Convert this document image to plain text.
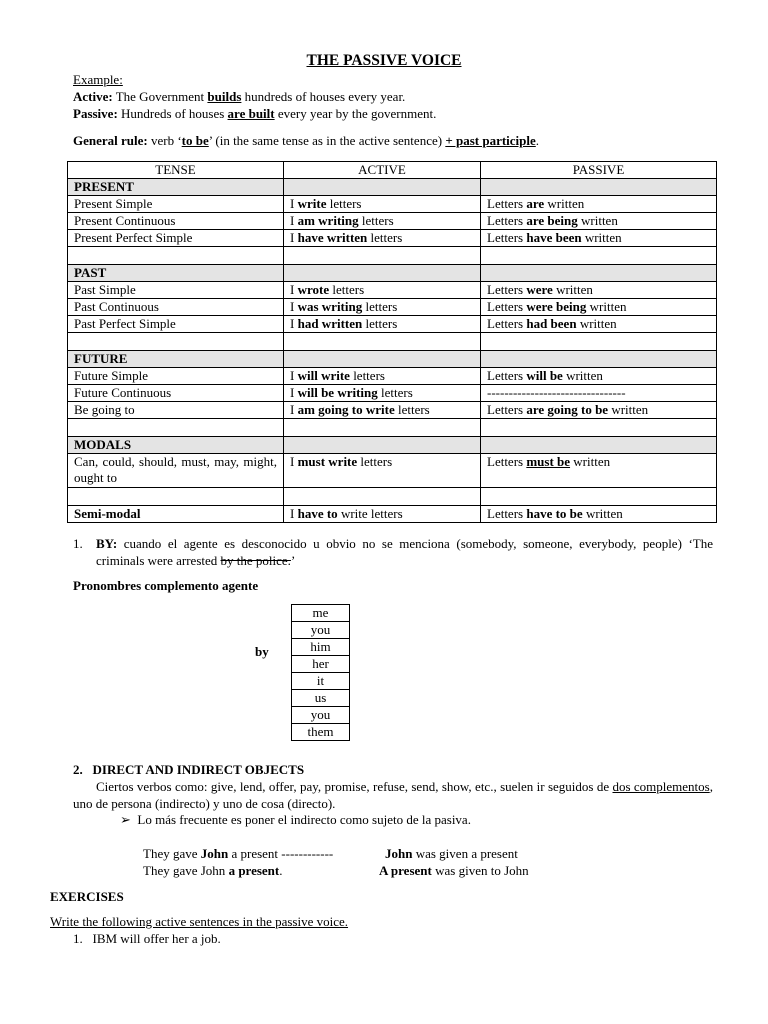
THE PASSIVE VOICE
Example:
Active: The Government builds hundreds of houses every year.
Passive: Hundreds of houses are built every year by the government.
General rule: verb ‘to be’ (in the same tense as in the active sentence) + past participle.
TENSE	ACTIVE	PASSIVE
PRESENT		
Present Simple	I write letters	Letters are written
Present Continuous	I am writing letters	Letters are being written
Present Perfect Simple	I have written letters	Letters have been written

PAST		
Past Simple	I wrote letters	Letters were written
Past Continuous	I was writing letters	Letters were being written
Past Perfect Simple	I had written letters	Letters had been written

FUTURE		
Future Simple	I will write letters	Letters will be written
Future Continuous	I will be writing letters	--------------------------------
Be going to	I am going to write letters	Letters are going to be written

MODALS		
Can, could, should, must, may, might, ought to	I must write letters	Letters must be written

Semi-modal	I have to write letters	Letters have to be written
1. BY: cuando el agente es desconocido u obvio no se menciona (somebody, someone, everybody, people) ‘The criminals were arrested by the police.’
Pronombres complemento agente
by
me
you
him
her
it
us
you
them
2.   DIRECT AND INDIRECT OBJECTS
Ciertos verbos como: give, lend, offer, pay, promise, refuse, send, show, etc., suelen ir seguidos de dos complementos, uno de persona (indirecto) y uno de cosa (directo).
➢ Lo más frecuente es poner el indirecto como sujeto de la pasiva.
They gave John a present ------------	John was given a present
They gave John a present.	A present was given to John
EXERCISES
Write the following active sentences in the passive voice.
1.   IBM will offer her a job.
